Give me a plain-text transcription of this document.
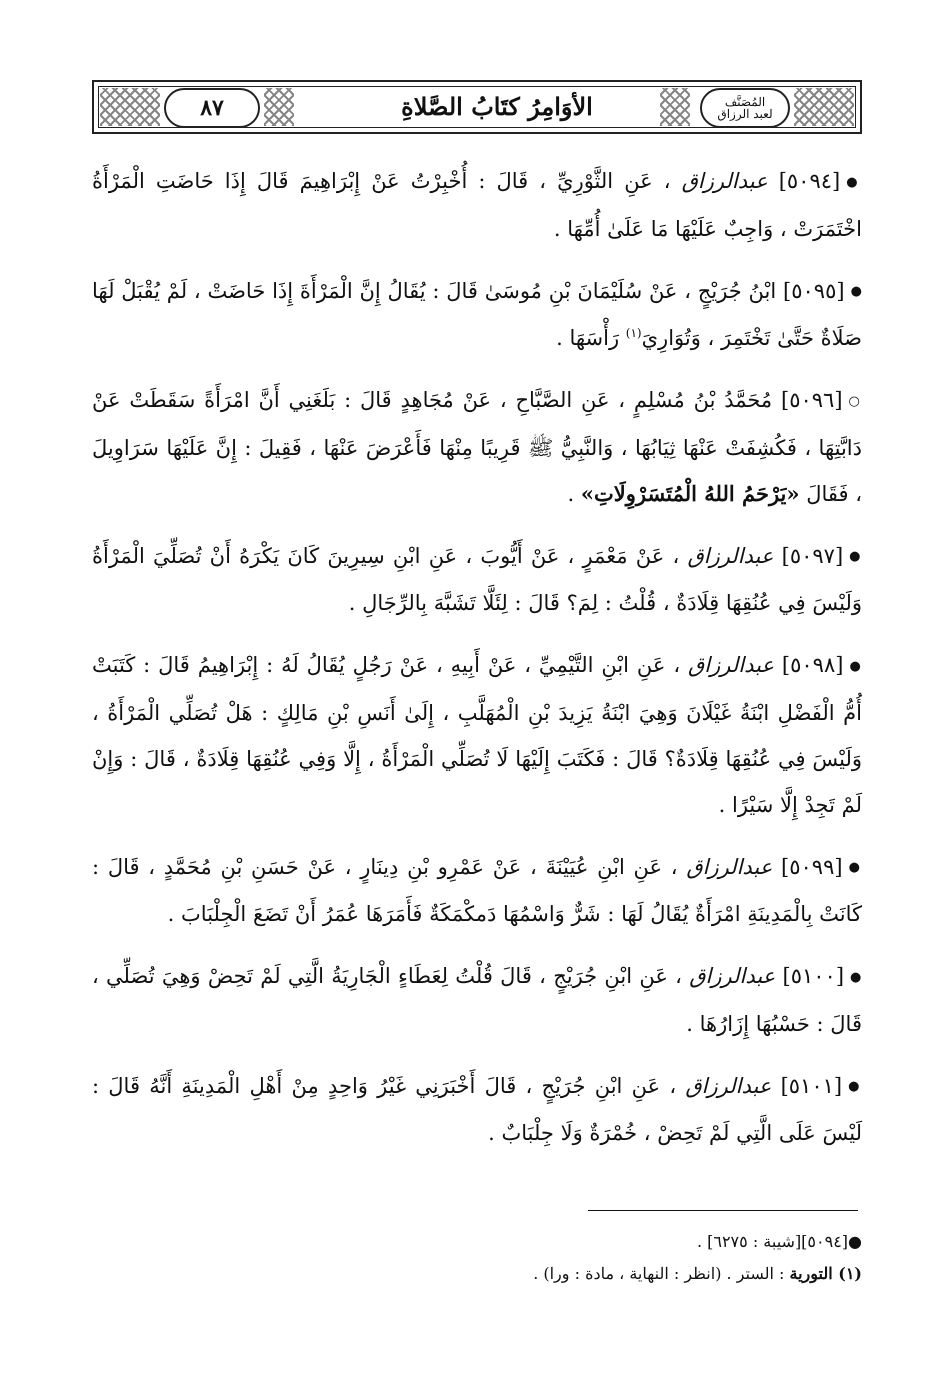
المُصَنَّف
لعبد الرزاق
الأوَامِرُ كتَابُ الصَّلاةِ
٨٧

●[٥٠٩٤] عبدالرزاق ، عَنِ الثَّوْرِيِّ ، قَالَ : أُخْبِرْتُ عَنْ إِبْرَاهِيمَ قَالَ إِذَا حَاضَتِ الْمَرْأَةُ اخْتَمَرَتْ ، وَاجِبٌ عَلَيْهَا مَا عَلَىٰ أُمِّهَا .

●[٥٠٩٥] ابْنُ جُرَيْجٍ ، عَنْ سُلَيْمَانَ بْنِ مُوسَىٰ قَالَ : يُقَالُ إِنَّ الْمَرْأَةَ إِذَا حَاضَتْ ، لَمْ يُقْبَلْ لَهَا صَلَاةٌ حَتَّىٰ تَخْتَمِرَ ، وَتُوَارِيَ$^{(١)}$ رَأْسَهَا .

○[٥٠٩٦] مُحَمَّدُ بْنُ مُسْلِمٍ ، عَنِ الصَّبَّاحِ ، عَنْ مُجَاهِدٍ قَالَ : بَلَغَنِي أَنَّ امْرَأَةً سَقَطَتْ عَنْ دَابَّتِهَا ، فَكُشِفَتْ عَنْهَا ثِيَابُهَا ، وَالنَّبِيُّ ﷺ قَرِيبًا مِنْهَا فَأَعْرَضَ عَنْهَا ، فَقِيلَ : إِنَّ عَلَيْهَا سَرَاوِيلَ ، فَقَالَ «يَرْحَمُ اللهُ الْمُتَسَرْوِلَاتِ» .

●[٥٠٩٧] عبدالرزاق ، عَنْ مَعْمَرٍ ، عَنْ أَيُّوبَ ، عَنِ ابْنِ سِيرِينَ كَانَ يَكْرَهُ أَنْ تُصَلِّيَ الْمَرْأَةُ وَلَيْسَ فِي عُنُقِهَا قِلَادَةٌ ، قُلْتُ : لِمَ؟ قَالَ : لِئَلَّا تَشَبَّهَ بِالرِّجَالِ .

●[٥٠٩٨] عبدالرزاق ، عَنِ ابْنِ التَّيْمِيِّ ، عَنْ أَبِيهِ ، عَنْ رَجُلٍ يُقَالُ لَهُ : إِبْرَاهِيمُ قَالَ : كَتَبَتْ أُمُّ الْفَضْلِ ابْنَةُ غَيْلَانَ وَهِيَ ابْنَةُ يَزِيدَ بْنِ الْمُهَلَّبِ ، إِلَىٰ أَنَسِ بْنِ مَالِكٍ : هَلْ تُصَلِّي الْمَرْأَةُ ، وَلَيْسَ فِي عُنُقِهَا قِلَادَةٌ؟ قَالَ : فَكَتَبَ إِلَيْهَا لَا تُصَلِّي الْمَرْأَةُ ، إِلَّا وَفِي عُنُقِهَا قِلَادَةٌ ، قَالَ : وَإِنْ لَمْ تَجِدْ إِلَّا سَيْرًا .

●[٥٠٩٩] عبدالرزاق ، عَنِ ابْنِ عُيَيْنَةَ ، عَنْ عَمْرِو بْنِ دِينَارٍ ، عَنْ حَسَنِ بْنِ مُحَمَّدٍ ، قَالَ : كَانَتْ بِالْمَدِينَةِ امْرَأَةٌ يُقَالُ لَهَا : شَرٌّ وَاسْمُهَا دَمكْمَكَةٌ فَأَمَرَهَا عُمَرُ أَنْ تَضَعَ الْجِلْبَابَ .

●[٥١٠٠] عبدالرزاق ، عَنِ ابْنِ جُرَيْجٍ ، قَالَ قُلْتُ لِعَطَاءٍ الْجَارِيَةُ الَّتِي لَمْ تَحِضْ وَهِيَ تُصَلِّي ، قَالَ : حَسْبُهَا إِزَارُهَا .

●[٥١٠١] عبدالرزاق ، عَنِ ابْنِ جُرَيْجٍ ، قَالَ أَخْبَرَنِي غَيْرُ وَاحِدٍ مِنْ أَهْلِ الْمَدِينَةِ أَنَّهُ قَالَ : لَيْسَ عَلَى الَّتِي لَمْ تَحِضْ ، خُمْرَةٌ وَلَا جِلْبَابٌ .

●[٥٠٩٤][شيبة : ٦٢٧٥] .
(١) التورية : الستر . (انظر : النهاية ، مادة : ورا) .
